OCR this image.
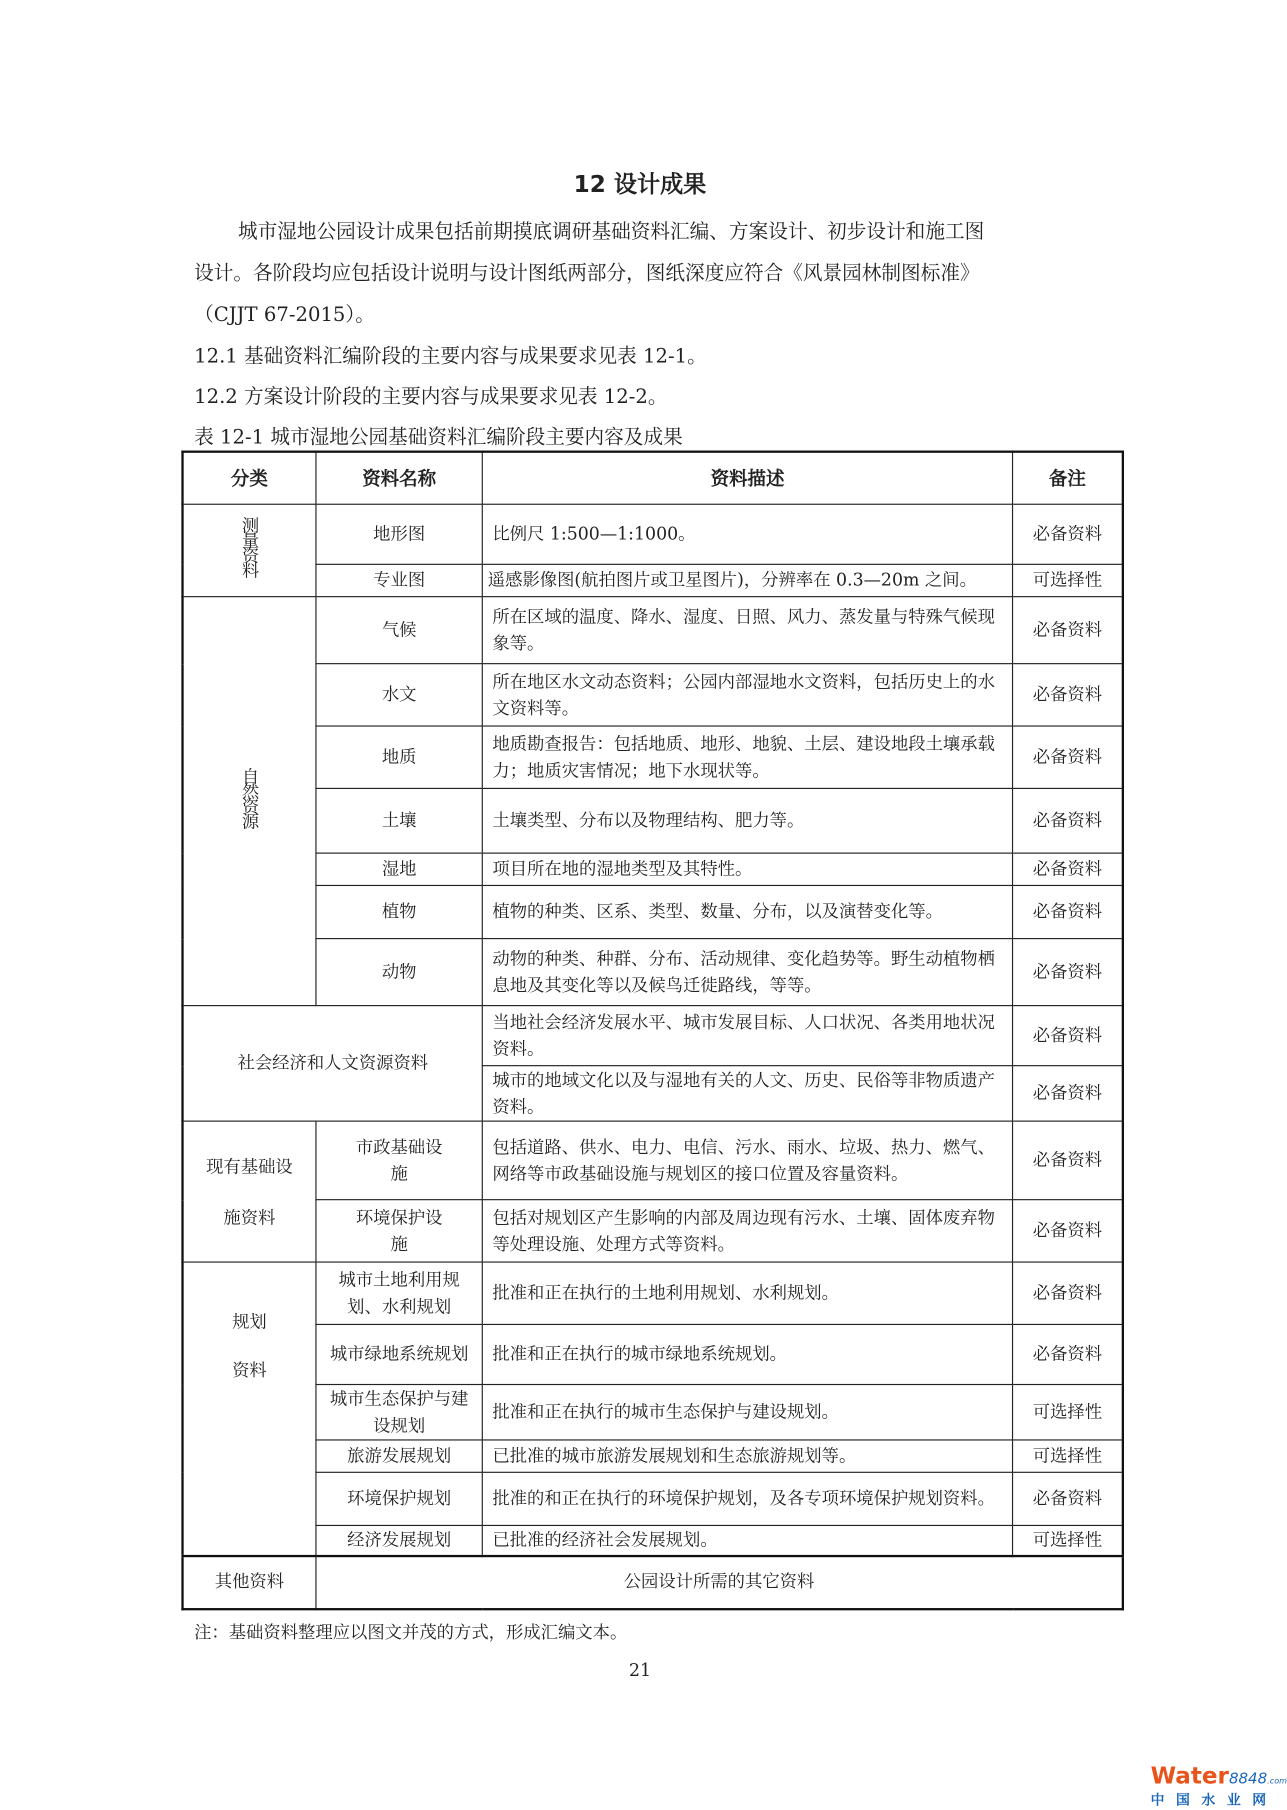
12 设计成果
城市湿地公园设计成果包括前期摸底调研基础资料汇编、方案设计、初步设计和施工图
设计。各阶段均应包括设计说明与设计图纸两部分，图纸深度应符合《风景园林制图标准》
（CJJT 67-2015）。
12.1 基础资料汇编阶段的主要内容与成果要求见表 12-1。
12.2 方案设计阶段的主要内容与成果要求见表 12-2。
表 12-1 城市湿地公园基础资料汇编阶段主要内容及成果
分类	资料名称	资料描述	备注
测量资料	地形图	比例尺 1:500—1:1000。	必备资料
	专业图	遥感影像图(航拍图片或卫星图片)，分辨率在 0.3—20m 之间。	可选择性
自然资源	气候	所在区域的温度、降水、湿度、日照、风力、蒸发量与特殊气候现象等。	必备资料
	水文	所在地区水文动态资料；公园内部湿地水文资料，包括历史上的水文资料等。	必备资料
	地质	地质勘查报告：包括地质、地形、地貌、土层、建设地段土壤承载力；地质灾害情况；地下水现状等。	必备资料
	土壤	土壤类型、分布以及物理结构、肥力等。	必备资料
	湿地	项目所在地的湿地类型及其特性。	必备资料
	植物	植物的种类、区系、类型、数量、分布，以及演替变化等。	必备资料
	动物	动物的种类、种群、分布、活动规律、变化趋势等。野生动植物栖息地及其变化等以及候鸟迁徙路线，等等。	必备资料
社会经济和人文资源资料		当地社会经济发展水平、城市发展目标、人口状况、各类用地状况资料。	必备资料
		城市的地域文化以及与湿地有关的人文、历史、民俗等非物质遗产资料。	必备资料

现有基础设
施资料	市政基础设施	包括道路、供水、电力、电信、污水、雨水、垃圾、热力、燃气、网络等市政基础设施与规划区的接口位置及容量资料。	必备资料
	环境保护设施	包括对规划区产生影响的内部及周边现有污水、土壤、固体废弃物等处理设施、处理方式等资料。	必备资料

规划
资料	城市土地利用规划、水利规划	批准和正在执行的土地利用规划、水利规划。	必备资料
	城市绿地系统规划	批准和正在执行的城市绿地系统规划。	必备资料
	城市生态保护与建设规划	批准和正在执行的城市生态保护与建设规划。	可选择性
	旅游发展规划	已批准的城市旅游发展规划和生态旅游规划等。	可选择性
	环境保护规划	批准的和正在执行的环境保护规划，及各专项环境保护规划资料。	必备资料
	经济发展规划	已批准的经济社会发展规划。	可选择性
其他资料	公园设计所需的其它资料		
注：基础资料整理应以图文并茂的方式，形成汇编文本。
21
Water8848.com
中国水业网
